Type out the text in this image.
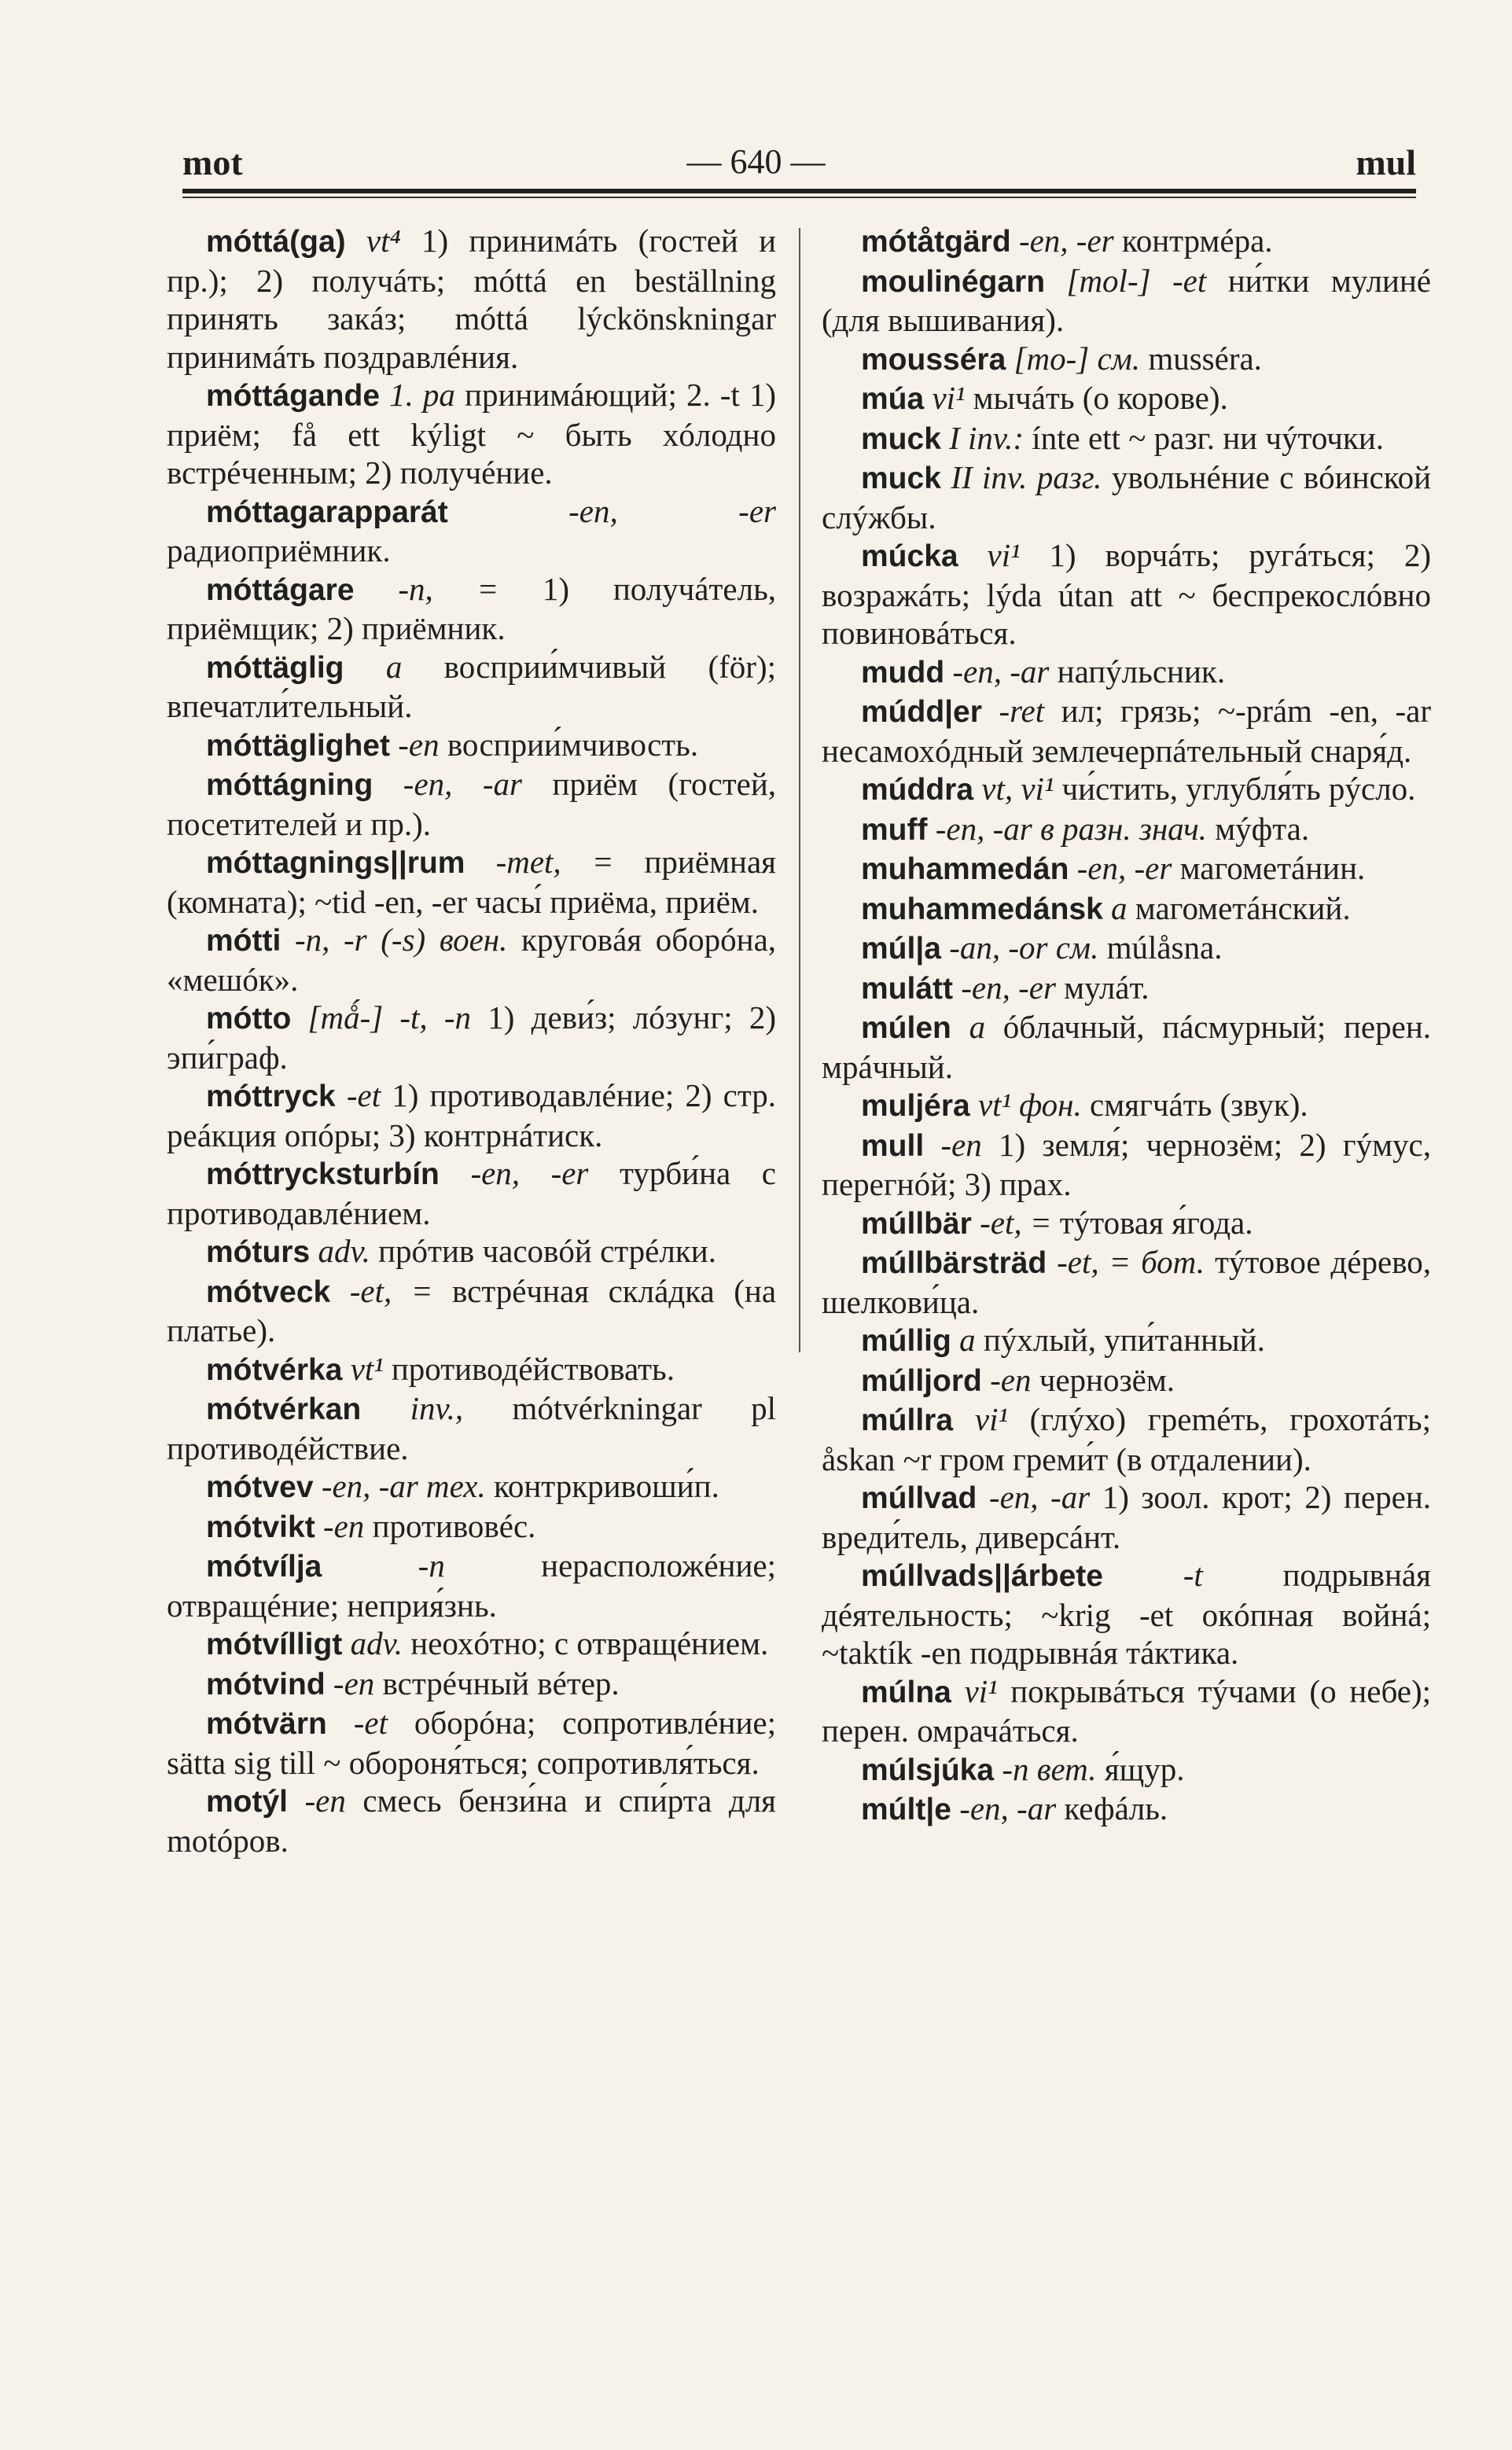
mot	— 640 —	mul

móttá(ga) vt⁴ 1) принимáть (гостей и пр.); 2) получáть; móttá en beställning принять закáз; móttá lýckönskningar принимáть поздравлéния.

móttágande 1. pa принимáющий; 2. -t 1) приём; få ett kýligt ~ быть хóлодно встрéченным; 2) получéние.

móttagarapparát	-en, -er радиоприёмник.

móttágare -n, = 1) получáтель, приёмщик; 2) приёмник.

móttäglig a восприи́мчивый (för); впечатли́тельный.

móttäglighet -en восприи́мчивость.

móttágning -en, -ar приём (гостей, посетителей и пр.).

móttagnings||rum -met, = приёмная (комната); ~tid -en, -er часы́ приёма, приём.

mótti -n, -r (-s) воен. круговáя оборóна, «мешóк».

mótto [mǻ-] -t, -n 1) деви́з; лóзунг; 2) эпи́граф.

móttryck -et 1) противодавлéние; 2) стр. реáкция опóры; 3) контрнáтиск.

móttrycksturbín -en, -er турби́на с противодавлéнием.

móturs adv. прóтив часовóй стрéлки.

mótveck -et, = встрéчная склáдка (на платье).

mótvérka vt¹ противодéйствовать.

mótvérkan inv., mótvérkningar pl противодéйствие.

mótvev -en, -ar тех. контркривоши́п.

mótvikt -en противовéс.

mótvílja	-n	нерасположéние; отвращéние; неприя́знь.

mótvílligt adv. неохóтно; с отвращéнием.

mótvind -en встрéчный вéтер.

mótvärn -et оборóна; сопротивлéние; sätta sig till ~ обороня́ться; сопротивля́ться.

motýl -en смесь бензи́на и спи́рта для motóров.

mótåtgärd -en, -er контрмéра.

moulinégarn [mol-] -et ни́тки мулинé (для вышивания).

mousséra [mo-] см. musséra.

múa vi¹ мычáть (о корове).

muck I inv.: ínte ett ~ разг. ни чýточки.

muck II inv. разг. увольнéние с вóинской слýжбы.

múcka vi¹ 1) ворчáть; ругáться; 2) возражáть; lýda útan att ~ беспрекослóвно повиновáться.

mudd -en, -ar напýльсник.

múdd|er -ret ил; грязь; ~-prám -en, -ar несамохóдный землечерпáтельный снаря́д.

múddra vt, vi¹ чи́стить, углубля́ть рýсло.

muff -en, -ar в разн. знач. мýфта.

muhammedán -en, -er магометáнин.

muhammedánsk a магометáнский.

múl|a -an, -or см. múlåsna.

mulátt -en, -er мулáт.

múlen a óблачный, пáсмурный; перен. мрáчный.

muljéra vt¹ фон. смягчáть (звук).

mull -en 1) земля́; чернозём; 2) гýмус, перегнóй; 3) прах.

múllbär -et, = тýтовая я́года.

múllbärsträd -et, = бот. тýтовое дéрево, шелкови́ца.

múllig a пýхлый, упи́танный.

múlljord -en чернозём.

múllra vi¹ (глýхо) греméть, грохотáть; åskan ~r гром греми́т (в отдалении).

múllvad -en, -ar 1) зоол. крот; 2) перен. вреди́тель, диверсáнт.

múllvads||árbete -t подрывнáя дéятельность; ~krig -et окóпная войнá; ~taktík -en подрывнáя тáктика.

múlna vi¹ покрывáться тýчами (о небе); перен. омрачáться.

múlsjúka -n вет. я́щур.

múlt|e -en, -ar кефáль.
